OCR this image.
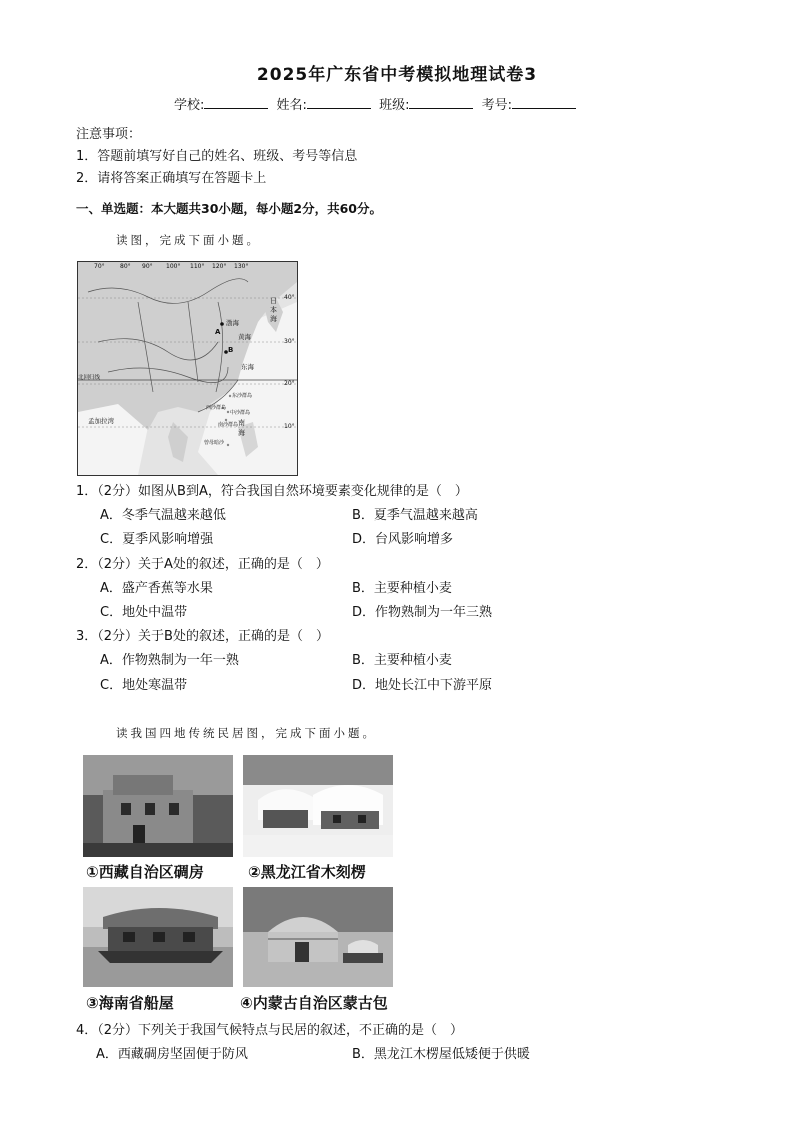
2025年广东省中考模拟地理试卷3
学校:	姓名:	班级:	考号:
注意事项：
1．答题前填写好自己的姓名、班级、考号等信息
2．请将答案正确填写在答题卡上
一、单选题：本大题共30小题，每小题2分，共60分。
读图，完成下面小题。
70°	80° 90° 100° 110° 120° 130°
40°
30°
20°
10°
日本海
渤海
黄海
东海
南海
北回归线
孟加拉湾
A
B
东沙群岛
西沙群岛
中沙群岛
南沙群岛
曾母暗沙
1．（2分）如图从B到A，符合我国自然环境要素变化规律的是（　）
A．冬季气温越来越低	B．夏季气温越来越高
C．夏季风影响增强	D．台风影响增多
2．（2分）关于A处的叙述，正确的是（　）
A．盛产香蕉等水果	B．主要种植小麦
C．地处中温带	D．作物熟制为一年三熟
3．（2分）关于B处的叙述，正确的是（　）
A．作物熟制为一年一熟	B．主要种植小麦
C．地处寒温带	D．地处长江中下游平原
读我国四地传统民居图，完成下面小题。
①西藏自治区碉房	②黑龙江省木刻楞
③海南省船屋	④内蒙古自治区蒙古包
4．（2分）下列关于我国气候特点与民居的叙述，不正确的是（　）
A．西藏碉房坚固便于防风	B．黑龙江木楞屋低矮便于供暖
